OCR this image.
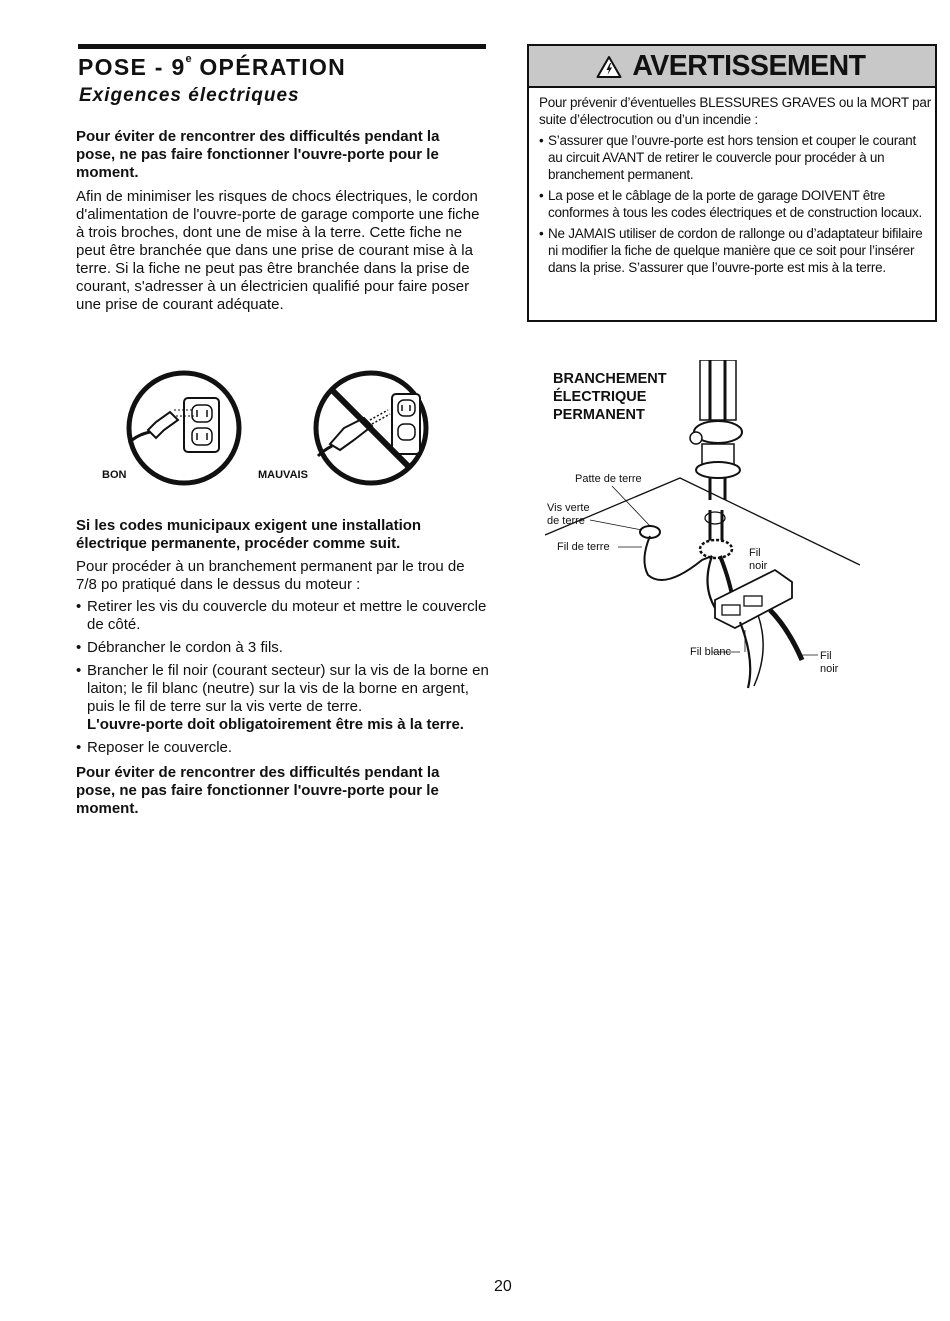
POSE - 9e OPÉRATION
Exigences électriques
Pour éviter de rencontrer des difficultés pendant la pose, ne pas faire fonctionner l'ouvre-porte pour le moment.
Afin de minimiser les risques de chocs électriques, le cordon d'alimentation de l'ouvre-porte de garage comporte une fiche à trois broches, dont une de mise à la terre. Cette fiche ne peut être branchée que dans une prise de courant mise à la terre. Si la fiche ne peut pas être branchée dans la prise de courant, s'adresser à un électricien qualifié pour faire poser une prise de courant adéquate.
BON	MAUVAIS
Si les codes municipaux exigent une installation électrique permanente, procéder comme suit.
Pour procéder à un branchement permanent par le trou de 7/8 po pratiqué dans le dessus du moteur :
• Retirer les vis du couvercle du moteur et mettre le couvercle de côté.
• Débrancher le cordon à 3 fils.
• Brancher le fil noir (courant secteur) sur la vis de la borne en laiton; le fil blanc (neutre) sur la vis de la borne en argent, puis le fil de terre sur la vis verte de terre.
L'ouvre-porte doit obligatoirement être mis à la terre.
• Reposer le couvercle.
Pour éviter de rencontrer des difficultés pendant la pose, ne pas faire fonctionner l'ouvre-porte pour le moment.
AVERTISSEMENT

Pour prévenir d’éventuelles BLESSURES GRAVES ou la MORT par suite d’électrocution ou d’un incendie :

• S’assurer que l’ouvre-porte est hors tension et couper le courant au circuit AVANT de retirer le couvercle pour procéder à un branchement permanent.
• La pose et le câblage de la porte de garage DOIVENT être conformes à tous les codes électriques et de construction locaux.
• Ne JAMAIS utiliser de cordon de rallonge ou d’adaptateur bifilaire ni modifier la fiche de quelque manière que ce soit pour l’insérer dans la prise. S’assurer que l’ouvre-porte est mis à la terre.
BRANCHEMENT ÉLECTRIQUE PERMANENT
Patte de terre
Vis verte
de terre
Fil de terre	Fil
noir
Fil blanc	Fil
noir
20
